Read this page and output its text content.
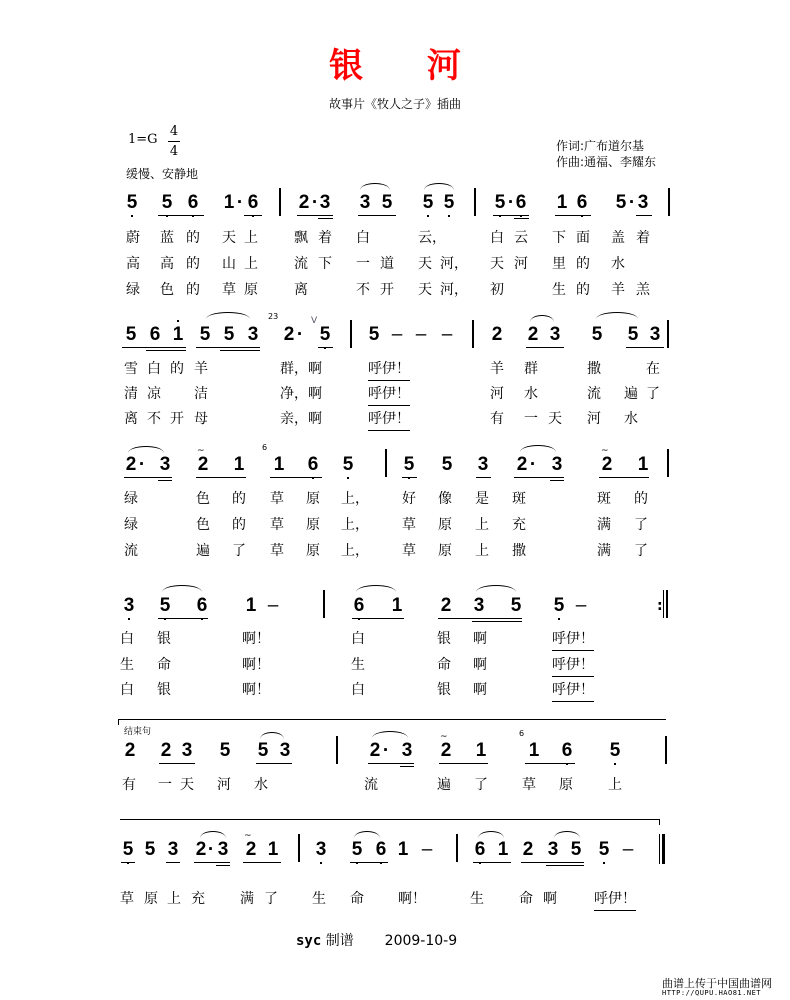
银 河
故事片《牧人之子》插曲
1=G
4
4
缓慢、安静地
作词:广布道尔基
作曲:通福、李耀东
5 5 6 1 · 6 2 · 3 3 5 5 5 5 · 6 1 6 5 · 3
蔚 蓝 的 天 上	飘 着 白	云，	白 云 下 面 盖 着
高 高 的 山 上	流 下 一 道 天 河， 天 河 里 的 水
绿 色 的 草 原	离	不 开 天 河， 初	生 的 羊 羔
5 6 1 5 5 3
23
2 ·
V
5 5 – – – 2 2 3 5 5 3
雪 白 的 羊	群，啊	呼伊！	羊 群	撒	在
清 凉 洁	净，啊	呼伊！	河 水	流 遍 了
离 不 开 母	亲，啊	呼伊！	有 一 天 河 水
2 · 3
~
2 1
6
1 6 5	5 5 3 2 · 3
~
2 1
绿	色 的 草 原 上， 好 像 是 斑	斑 的
绿	色 的 草 原 上， 草 原 上 充	满 了
流	遍 了 草 原 上， 草 原 上 撒	满 了
3 5 6 1 –	6 1 2 3 5 5 –	:
白 银	啊！	白	银 啊	呼伊！
生 命	啊！	生	命 啊	呼伊！
白 银	啊！	白	银 啊	呼伊！
结束句
2 2 3 5 5 3	2 · 3
~
2 1
6
1 6 5
有 一 天 河 水	流	遍 了 草 原	上
5 5 3 2 · 3
~
2 1 3 5 6 1 – 6 1 2 3 5 5 –
草 原 上 充	满 了 生 命 啊！	生	命 啊	呼伊！
syc 制谱 2009-10-9
曲谱上传于中国曲谱网
HTTP://QUPU.HAO81.NET
